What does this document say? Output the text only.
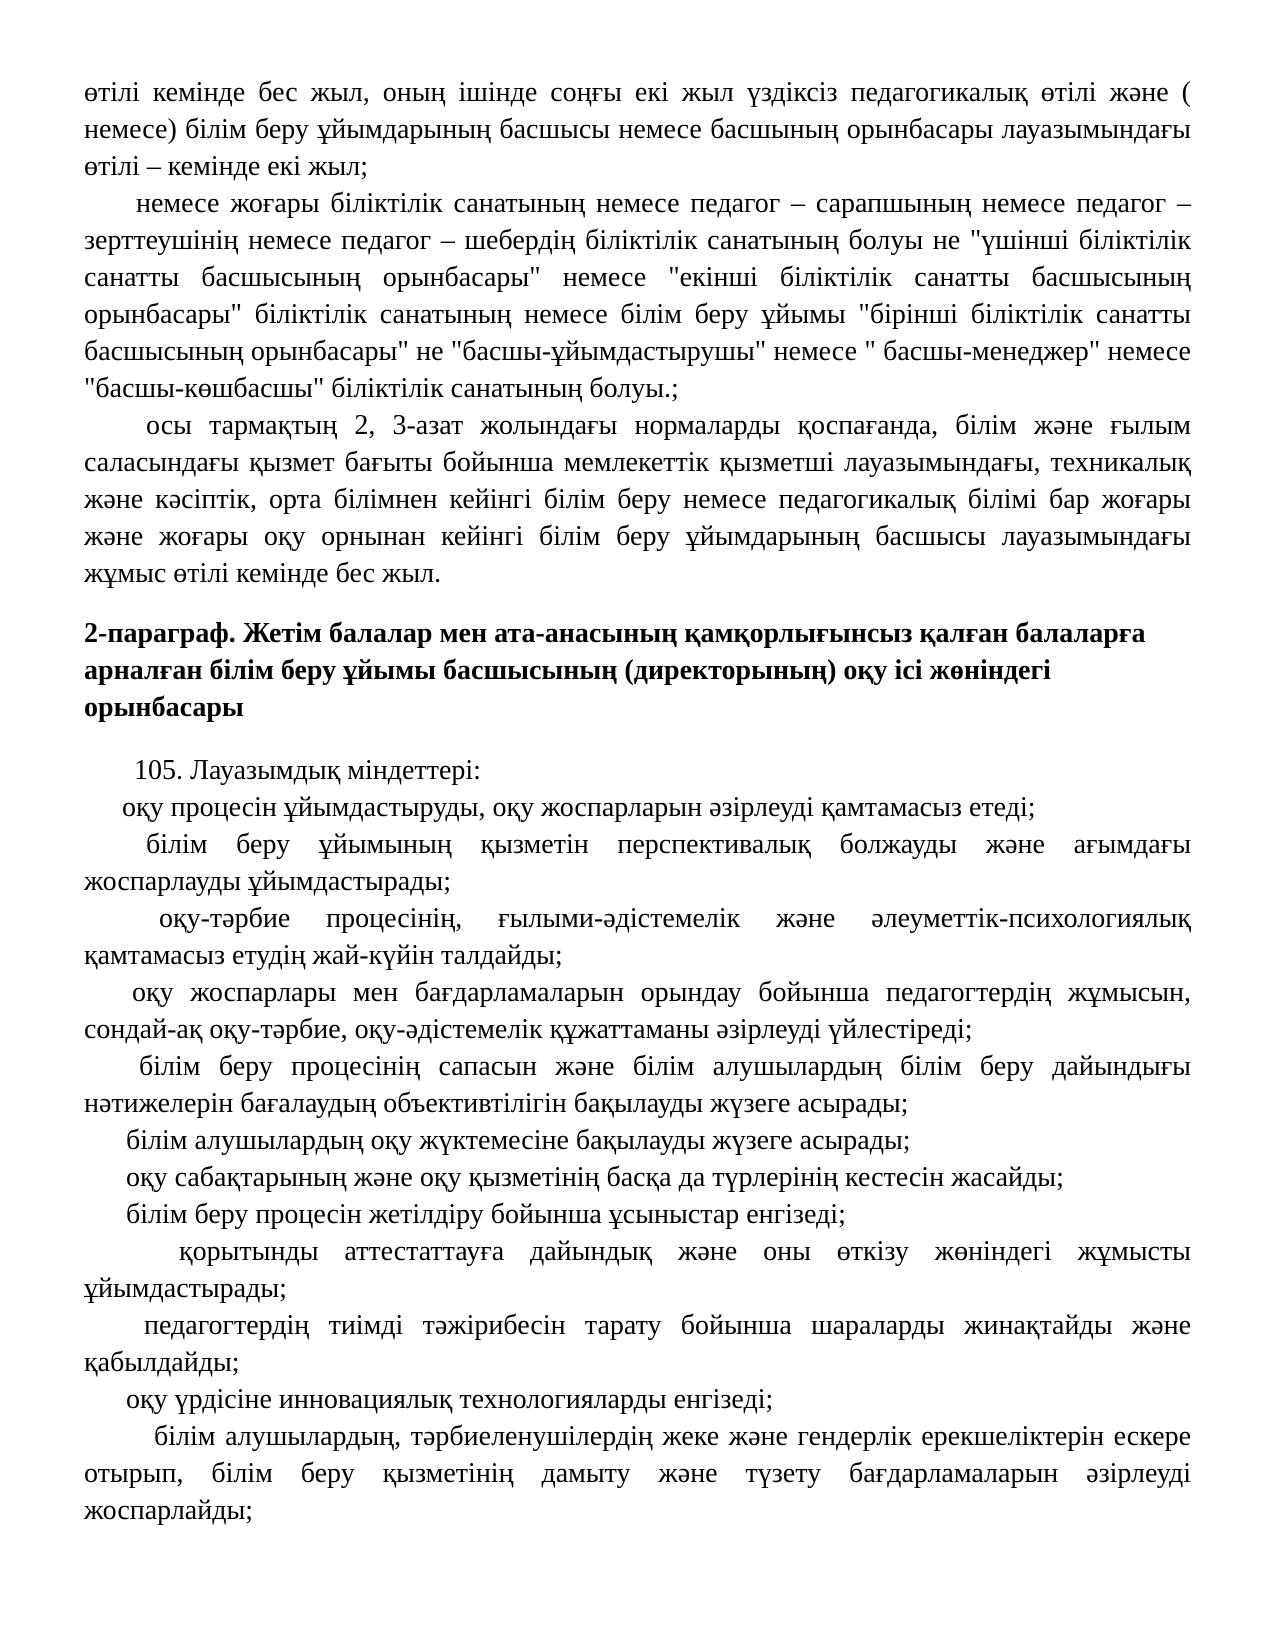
өтілі кемінде бес жыл, оның ішінде соңғы екі жыл үздіксіз педагогикалық өтілі және ( немесе) білім беру ұйымдарының басшысы немесе басшының орынбасары лауазымындағы өтілі – кемінде екі жыл;

немесе жоғары біліктілік санатының немесе педагог – сарапшының немесе педагог – зерттеушінің немесе педагог – шебердің біліктілік санатының болуы не "үшінші біліктілік санатты басшысының орынбасары" немесе "екінші біліктілік санатты басшысының орынбасары" біліктілік санатының немесе білім беру ұйымы "бірінші біліктілік санатты басшысының орынбасары" не "басшы-ұйымдастырушы" немесе " басшы-менеджер" немесе "басшы-көшбасшы" біліктілік санатының болуы.;

осы тармақтың 2, 3-азат жолындағы нормаларды қоспағанда, білім және ғылым саласындағы қызмет бағыты бойынша мемлекеттік қызметші лауазымындағы, техникалық және кәсіптік, орта білімнен кейінгі білім беру немесе педагогикалық білімі бар жоғары және жоғары оқу орнынан кейінгі білім беру ұйымдарының басшысы лауазымындағы жұмыс өтілі кемінде бес жыл.

2-параграф. Жетім балалар мен ата-анасының қамқорлығынсыз қалған балаларға арналған білім беру ұйымы басшысының (директорының) оқу ісі жөніндегі орынбасары

105. Лауазымдық міндеттері:

оқу процесін ұйымдастыруды, оқу жоспарларын әзірлеуді қамтамасыз етеді;

білім беру ұйымының қызметін перспективалық болжауды және ағымдағы жоспарлауды ұйымдастырады;

оқу-тәрбие процесінің, ғылыми-әдістемелік және әлеуметтік-психологиялық қамтамасыз етудің жай-күйін талдайды;

оқу жоспарлары мен бағдарламаларын орындау бойынша педагогтердің жұмысын, сондай-ақ оқу-тәрбие, оқу-әдістемелік құжаттаманы әзірлеуді үйлестіреді;

білім беру процесінің сапасын және білім алушылардың білім беру дайындығы нәтижелерін бағалаудың объективтілігін бақылауды жүзеге асырады;

білім алушылардың оқу жүктемесіне бақылауды жүзеге асырады;

оқу сабақтарының және оқу қызметінің басқа да түрлерінің кестесін жасайды;

білім беру процесін жетілдіру бойынша ұсыныстар енгізеді;

қорытынды аттестаттауға дайындық және оны өткізу жөніндегі жұмысты ұйымдастырады;

педагогтердің тиімді тәжірибесін тарату бойынша шараларды жинақтайды және қабылдайды;

оқу үрдісіне инновациялық технологияларды енгізеді;

білім алушылардың, тәрбиеленушілердің жеке және гендерлік ерекшеліктерін ескере отырып, білім беру қызметінің дамыту және түзету бағдарламаларын әзірлеуді жоспарлайды;
